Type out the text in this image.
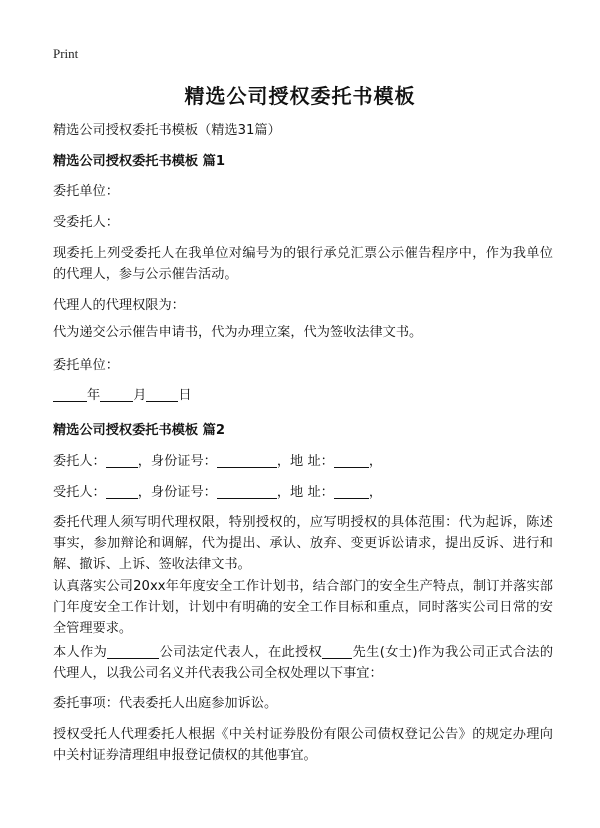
Print
精选公司授权委托书模板
精选公司授权委托书模板（精选31篇）
精选公司授权委托书模板 篇1
委托单位：
受委托人：
现委托上列受委托人在我单位对编号为的银行承兑汇票公示催告程序中，作为我单位的代理人，参与公示催告活动。
代理人的代理权限为：
代为递交公示催告申请书，代为办理立案，代为签收法律文书。
委托单位：
年	月 日
精选公司授权委托书模板 篇2
委托人： ，身份证号：	，地 址：	，
受托人： ，身份证号：	，地 址：	，
委托代理人须写明代理权限，特别授权的，应写明授权的具体范围：代为起诉，陈述事实，参加辩论和调解，代为提出、承认、放弃、变更诉讼请求，提出反诉、进行和解、撤诉、上诉、签收法律文书。
认真落实公司20xx年年度安全工作计划书，结合部门的安全生产特点，制订并落实部门年度安全工作计划，计划中有明确的安全工作目标和重点，同时落实公司日常的安全管理要求。
本人作为	公司法定代表人，在此授权 先生(女士)作为我公司正式合法的代理人，以我公司名义并代表我公司全权处理以下事宜：
委托事项：代表委托人出庭参加诉讼。
授权受托人代理委托人根据《中关村证券股份有限公司债权登记公告》的规定办理向中关村证券清理组申报登记债权的其他事宜。
